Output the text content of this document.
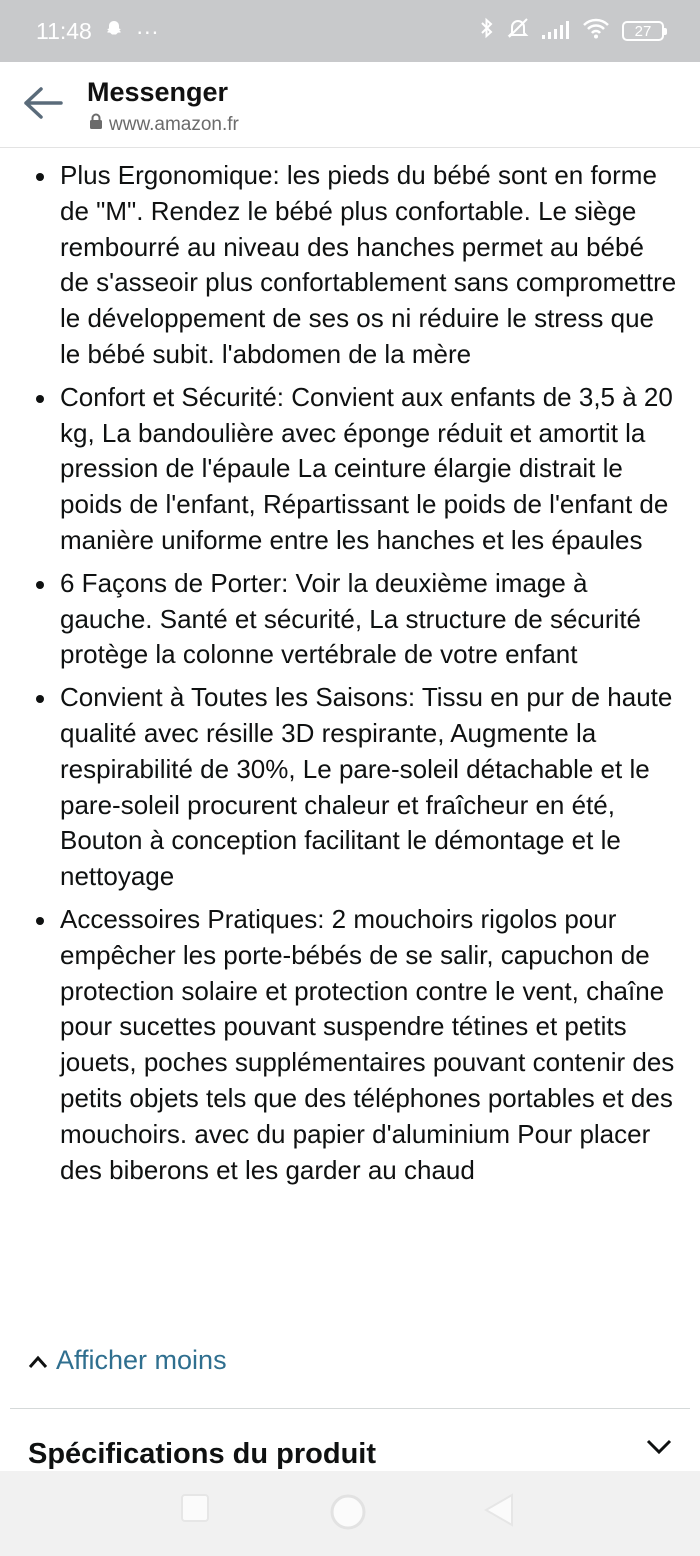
11:48 ···	27
Messenger
www.amazon.fr
Plus Ergonomique: les pieds du bébé sont en forme de "M". Rendez le bébé plus confortable. Le siège rembourré au niveau des hanches permet au bébé de s'asseoir plus confortablement sans compromettre le développement de ses os ni réduire le stress que le bébé subit. l'abdomen de la mère
Confort et Sécurité: Convient aux enfants de 3,5 à 20 kg, La bandoulière avec éponge réduit et amortit la pression de l'épaule La ceinture élargie distrait le poids de l'enfant, Répartissant le poids de l'enfant de manière uniforme entre les hanches et les épaules
6 Façons de Porter: Voir la deuxième image à gauche. Santé et sécurité, La structure de sécurité protège la colonne vertébrale de votre enfant
Convient à Toutes les Saisons: Tissu en pur de haute qualité avec résille 3D respirante, Augmente la respirabilité de 30%, Le pare-soleil détachable et le pare-soleil procurent chaleur et fraîcheur en été, Bouton à conception facilitant le démontage et le nettoyage
Accessoires Pratiques: 2 mouchoirs rigolos pour empêcher les porte-bébés de se salir, capuchon de protection solaire et protection contre le vent, chaîne pour sucettes pouvant suspendre tétines et petits jouets, poches supplémentaires pouvant contenir des petits objets tels que des téléphones portables et des mouchoirs. avec du papier d'aluminium Pour placer des biberons et les garder au chaud
Afficher moins
Spécifications du produit
